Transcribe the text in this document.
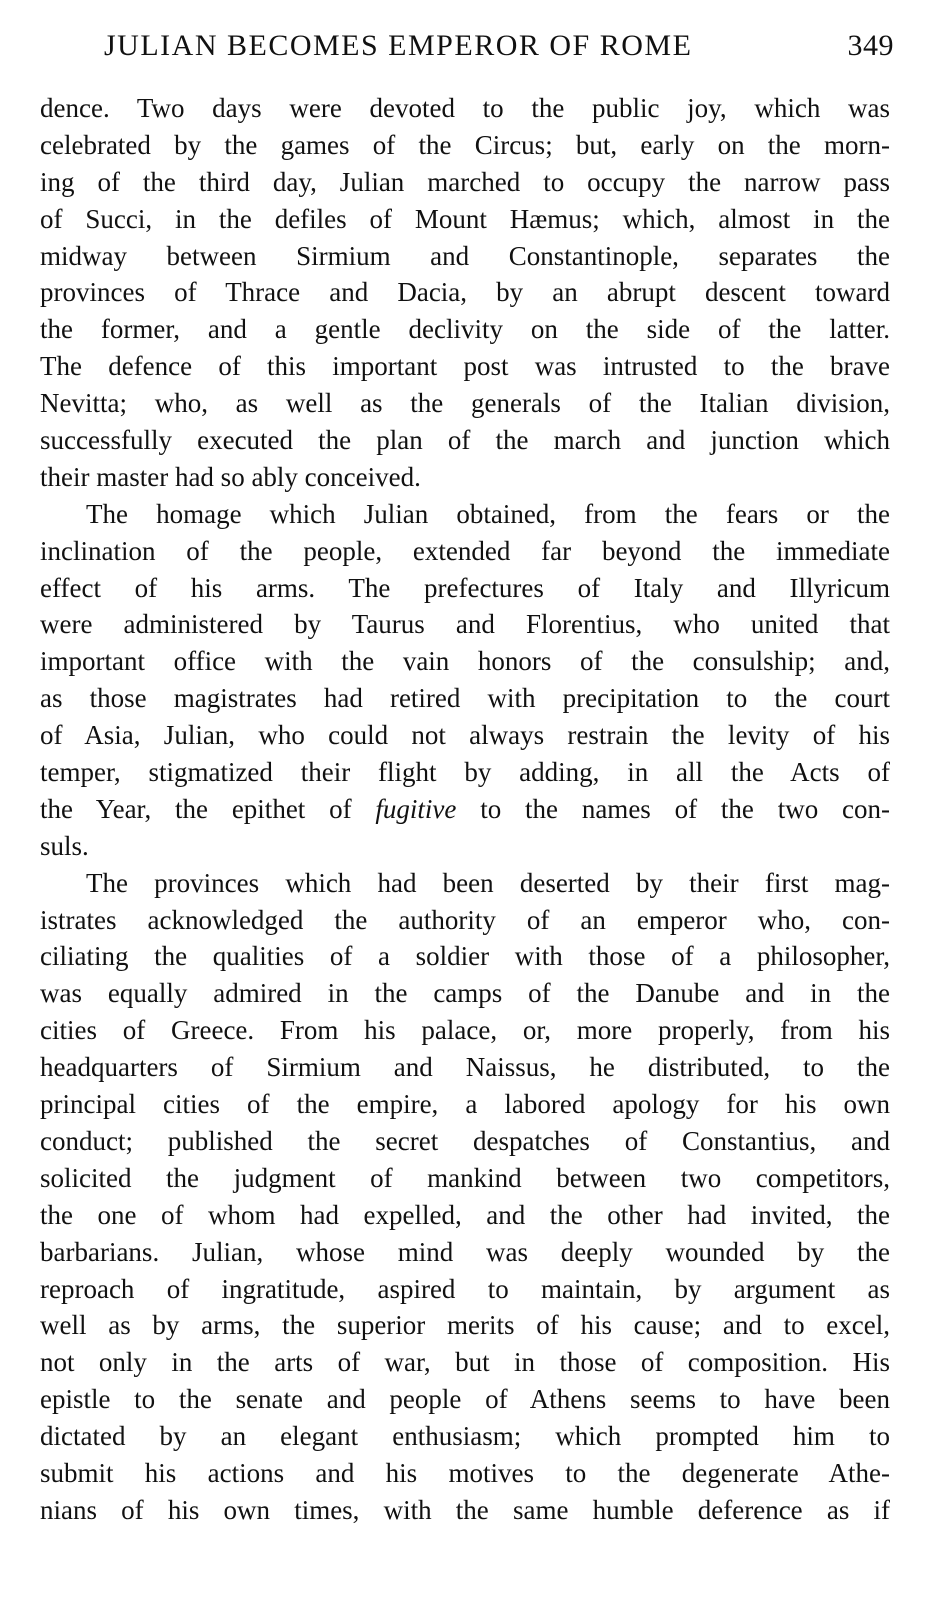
JULIAN BECOMES EMPEROR OF ROME	349
dence. Two days were devoted to the public joy, which was
celebrated by the games of the Circus; but, early on the morn-
ing of the third day, Julian marched to occupy the narrow pass
of Succi, in the defiles of Mount Hæmus; which, almost in the
midway between Sirmium and Constantinople, separates the
provinces of Thrace and Dacia, by an abrupt descent toward
the former, and a gentle declivity on the side of the latter.
The defence of this important post was intrusted to the brave
Nevitta; who, as well as the generals of the Italian division,
successfully executed the plan of the march and junction which
their master had so ably conceived.
The homage which Julian obtained, from the fears or the
inclination of the people, extended far beyond the immediate
effect of his arms. The prefectures of Italy and Illyricum
were administered by Taurus and Florentius, who united that
important office with the vain honors of the consulship; and,
as those magistrates had retired with precipitation to the court
of Asia, Julian, who could not always restrain the levity of his
temper, stigmatized their flight by adding, in all the Acts of
the Year, the epithet of fugitive to the names of the two con-
suls.
The provinces which had been deserted by their first mag-
istrates acknowledged the authority of an emperor who, con-
ciliating the qualities of a soldier with those of a philosopher,
was equally admired in the camps of the Danube and in the
cities of Greece. From his palace, or, more properly, from his
headquarters of Sirmium and Naissus, he distributed, to the
principal cities of the empire, a labored apology for his own
conduct; published the secret despatches of Constantius, and
solicited the judgment of mankind between two competitors,
the one of whom had expelled, and the other had invited, the
barbarians. Julian, whose mind was deeply wounded by the
reproach of ingratitude, aspired to maintain, by argument as
well as by arms, the superior merits of his cause; and to excel,
not only in the arts of war, but in those of composition. His
epistle to the senate and people of Athens seems to have been
dictated by an elegant enthusiasm; which prompted him to
submit his actions and his motives to the degenerate Athe-
nians of his own times, with the same humble deference as if
